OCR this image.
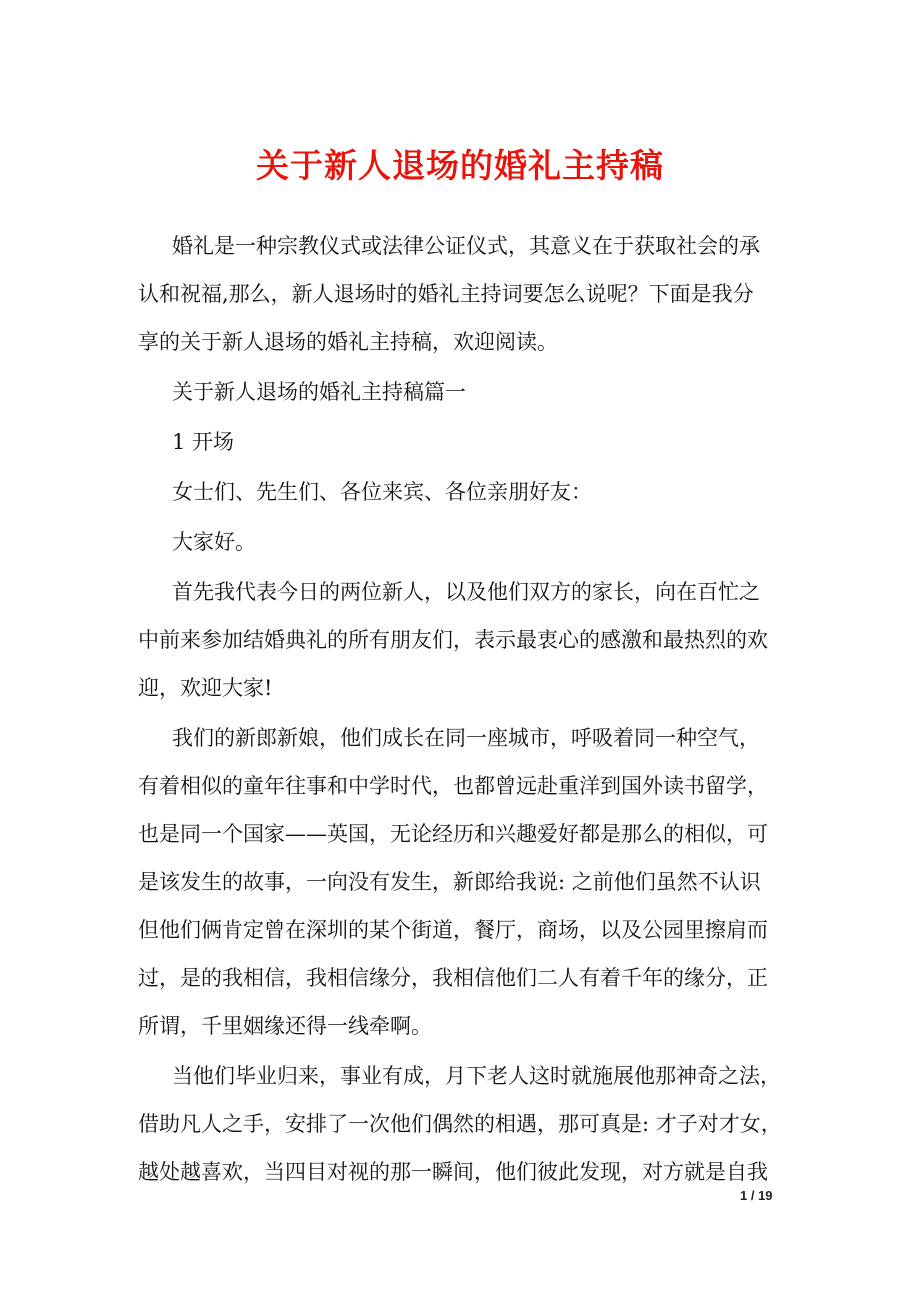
关于新人退场的婚礼主持稿
婚礼是一种宗教仪式或法律公证仪式，其意义在于获取社会的承
认和祝福,那么，新人退场时的婚礼主持词要怎么说呢？下面是我分
享的关于新人退场的婚礼主持稿，欢迎阅读。
关于新人退场的婚礼主持稿篇一
1 开场
女士们、先生们、各位来宾、各位亲朋好友：
大家好。
首先我代表今日的两位新人，以及他们双方的家长，向在百忙之
中前来参加结婚典礼的所有朋友们，表示最衷心的感激和最热烈的欢
迎，欢迎大家!
我们的新郎新娘，他们成长在同一座城市，呼吸着同一种空气，
有着相似的童年往事和中学时代，也都曾远赴重洋到国外读书留学，
也是同一个国家——英国，无论经历和兴趣爱好都是那么的相似，可
是该发生的故事，一向没有发生，新郎给我说: 之前他们虽然不认识
但他们俩肯定曾在深圳的某个街道，餐厅，商场，以及公园里擦肩而
过，是的我相信，我相信缘分，我相信他们二人有着千年的缘分，正
所谓，千里姻缘还得一线牵啊。
当他们毕业归来，事业有成，月下老人这时就施展他那神奇之法，
借助凡人之手，安排了一次他们偶然的相遇，那可真是: 才子对才女，
越处越喜欢，当四目对视的那一瞬间，他们彼此发现，对方就是自我
1 / 19
